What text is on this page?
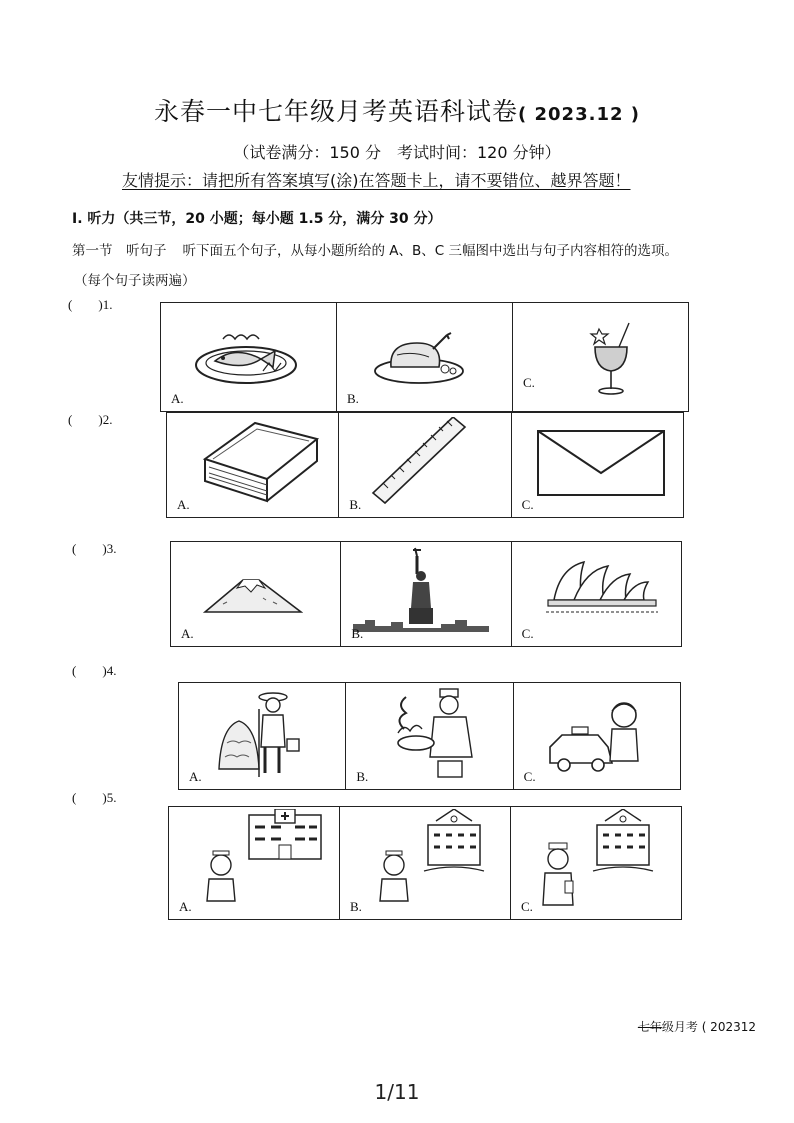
永春一中七年级月考英语科试卷( 2023.12 )
（试卷满分：150 分　考试时间：120 分钟）
友情提示：请把所有答案填写(涂)在答题卡上，请不要错位、越界答题！
I. 听力（共三节，20 小题；每小题 1.5 分，满分 30 分）
第一节　听句子 听下面五个句子，从每小题所给的 A、B、C 三幅图中选出与句子内容相符的选项。
（每个句子读两遍）
( )1.
A.	B.
C.
( )2.
A.	B.	C.
( )3.
A.	B.	C.
( )4.
A.	B.	C.
( )5.
A.	B.	C.
七年级月考 ( 202312
1/11
